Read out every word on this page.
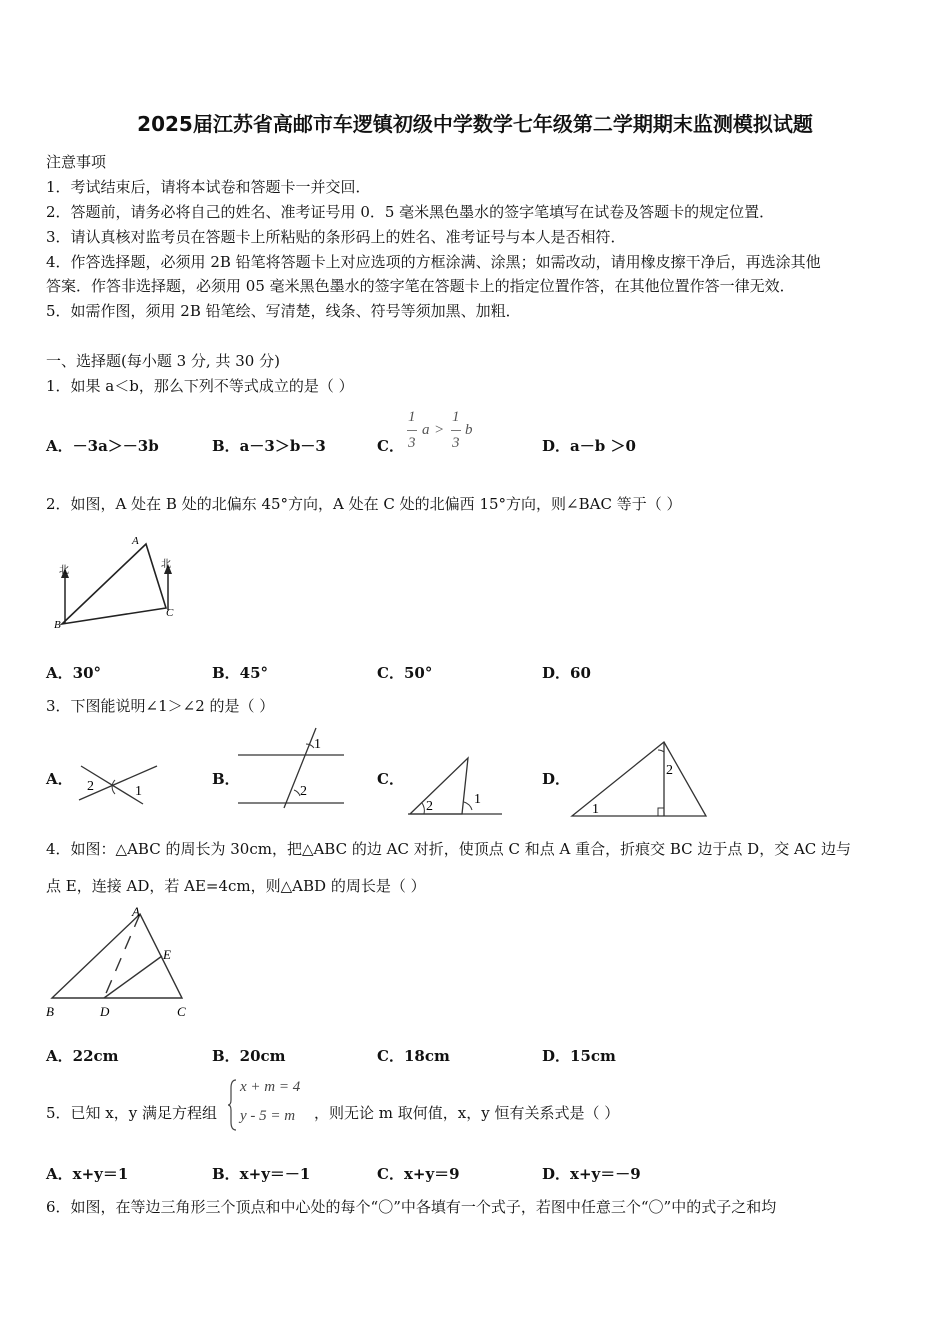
2025届江苏省高邮市车逻镇初级中学数学七年级第二学期期末监测模拟试题
注意事项
1．考试结束后，请将本试卷和答题卡一并交回．
2．答题前，请务必将自己的姓名、准考证号用 0．5 毫米黑色墨水的签字笔填写在试卷及答题卡的规定位置．
3．请认真核对监考员在答题卡上所粘贴的条形码上的姓名、准考证号与本人是否相符．
4．作答选择题，必须用 2B 铅笔将答题卡上对应选项的方框涂满、涂黑；如需改动，请用橡皮擦干净后，再选涂其他
答案．作答非选择题，必须用 05 毫米黑色墨水的签字笔在答题卡上的指定位置作答，在其他位置作答一律无效．
5．如需作图，须用 2B 铅笔绘、写清楚，线条、符号等须加黑、加粗．
一、选择题(每小题 3 分, 共 30 分)
1．如果 a＜b，那么下列不等式成立的是（ ）
A．－3a＞－3b	B．a－3＞b－3	C．
1
3
a >
1
3
b
D．a－b ＞0
2．如图，A 处在 B 处的北偏东 45°方向，A 处在 C 处的北偏西 15°方向，则∠BAC 等于（ ）
北
北
A
B
C
A．30°	B．45°	C．50°	D．60
3．下图能说明∠1＞∠2 的是（ ）
A． 2	1
B．
1
2
C．
2	1
D．
1
2
4．如图：△ABC 的周长为 30cm，把△ABC 的边 AC 对折，使顶点 C 和点 A 重合，折痕交 BC 边于点 D，交 AC 边与
点 E，连接 AD，若 AE=4cm，则△ABD 的周长是（ ）
A
B	C
D
E
A．22cm	B．20cm	C．18cm	D．15cm
5．已知 x，y 满足方程组
x + m = 4
y - 5 = m ，则无论 m 取何值，x，y 恒有关系式是（ ）
A．x+y＝1	B．x+y＝－1	C．x+y＝9	D．x+y＝－9
6．如图，在等边三角形三个顶点和中心处的每个“〇”中各填有一个式子，若图中任意三个“〇”中的式子之和均
